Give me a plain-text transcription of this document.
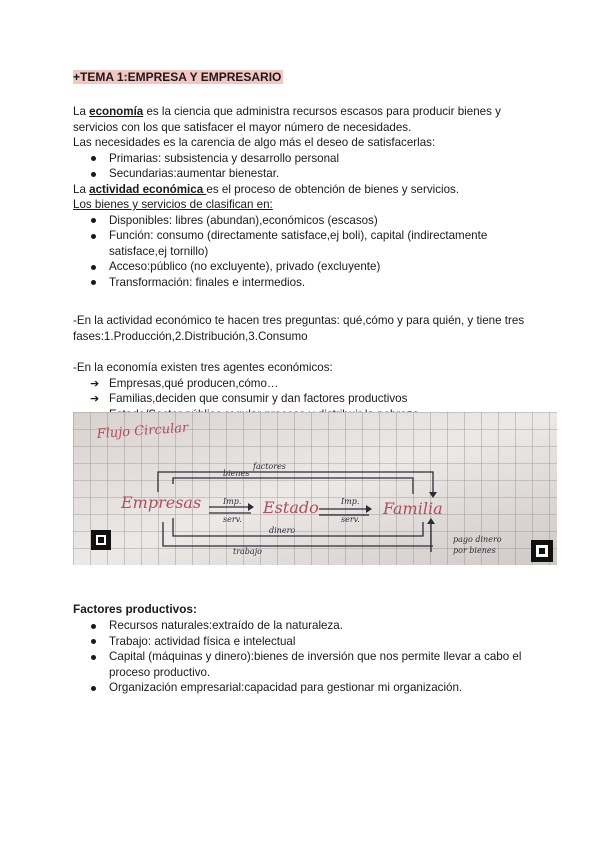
+TEMA 1:EMPRESA Y EMPRESARIO

La economía es la ciencia que administra recursos escasos para producir bienes y servicios con los que satisfacer el mayor número de necesidades.

Las necesidades es la carencia de algo más el deseo de satisfacerlas:

Primarias: subsistencia y desarrollo personal
Secundarias:aumentar bienestar.

La actividad económica es el proceso de obtención de bienes y servicios.

Los bienes y servicios de clasifican en:

Disponibles: libres (abundan),económicos (escasos)
Función: consumo (directamente satisface,ej boli), capital (indirectamente satisface,ej tornillo)
Acceso:público (no excluyente), privado (excluyente)
Transformación: finales e intermedios.

-En la actividad económico te hacen tres preguntas: qué,cómo y para quién, y tiene tres fases:1.Producción,2.Distribución,3.Consumo

-En la economía existen tres agentes económicos:

➔ Empresas,qué producen,cómo…
➔ Familias,deciden que consumir y dan factores productivos
Flujo Circular
Empresas	Estado	Familia
factores
bienes
Imp.	Imp.
serv.	serv.
dinero
trabajo
pago dinero
por bienes
Factores productivos:
Recursos naturales:extraído de la naturaleza.
Trabajo: actividad física e intelectual
Capital (máquinas y dinero):bienes de inversión que nos permite llevar a cabo el proceso productivo.
Organización empresarial:capacidad para gestionar mi organización.
